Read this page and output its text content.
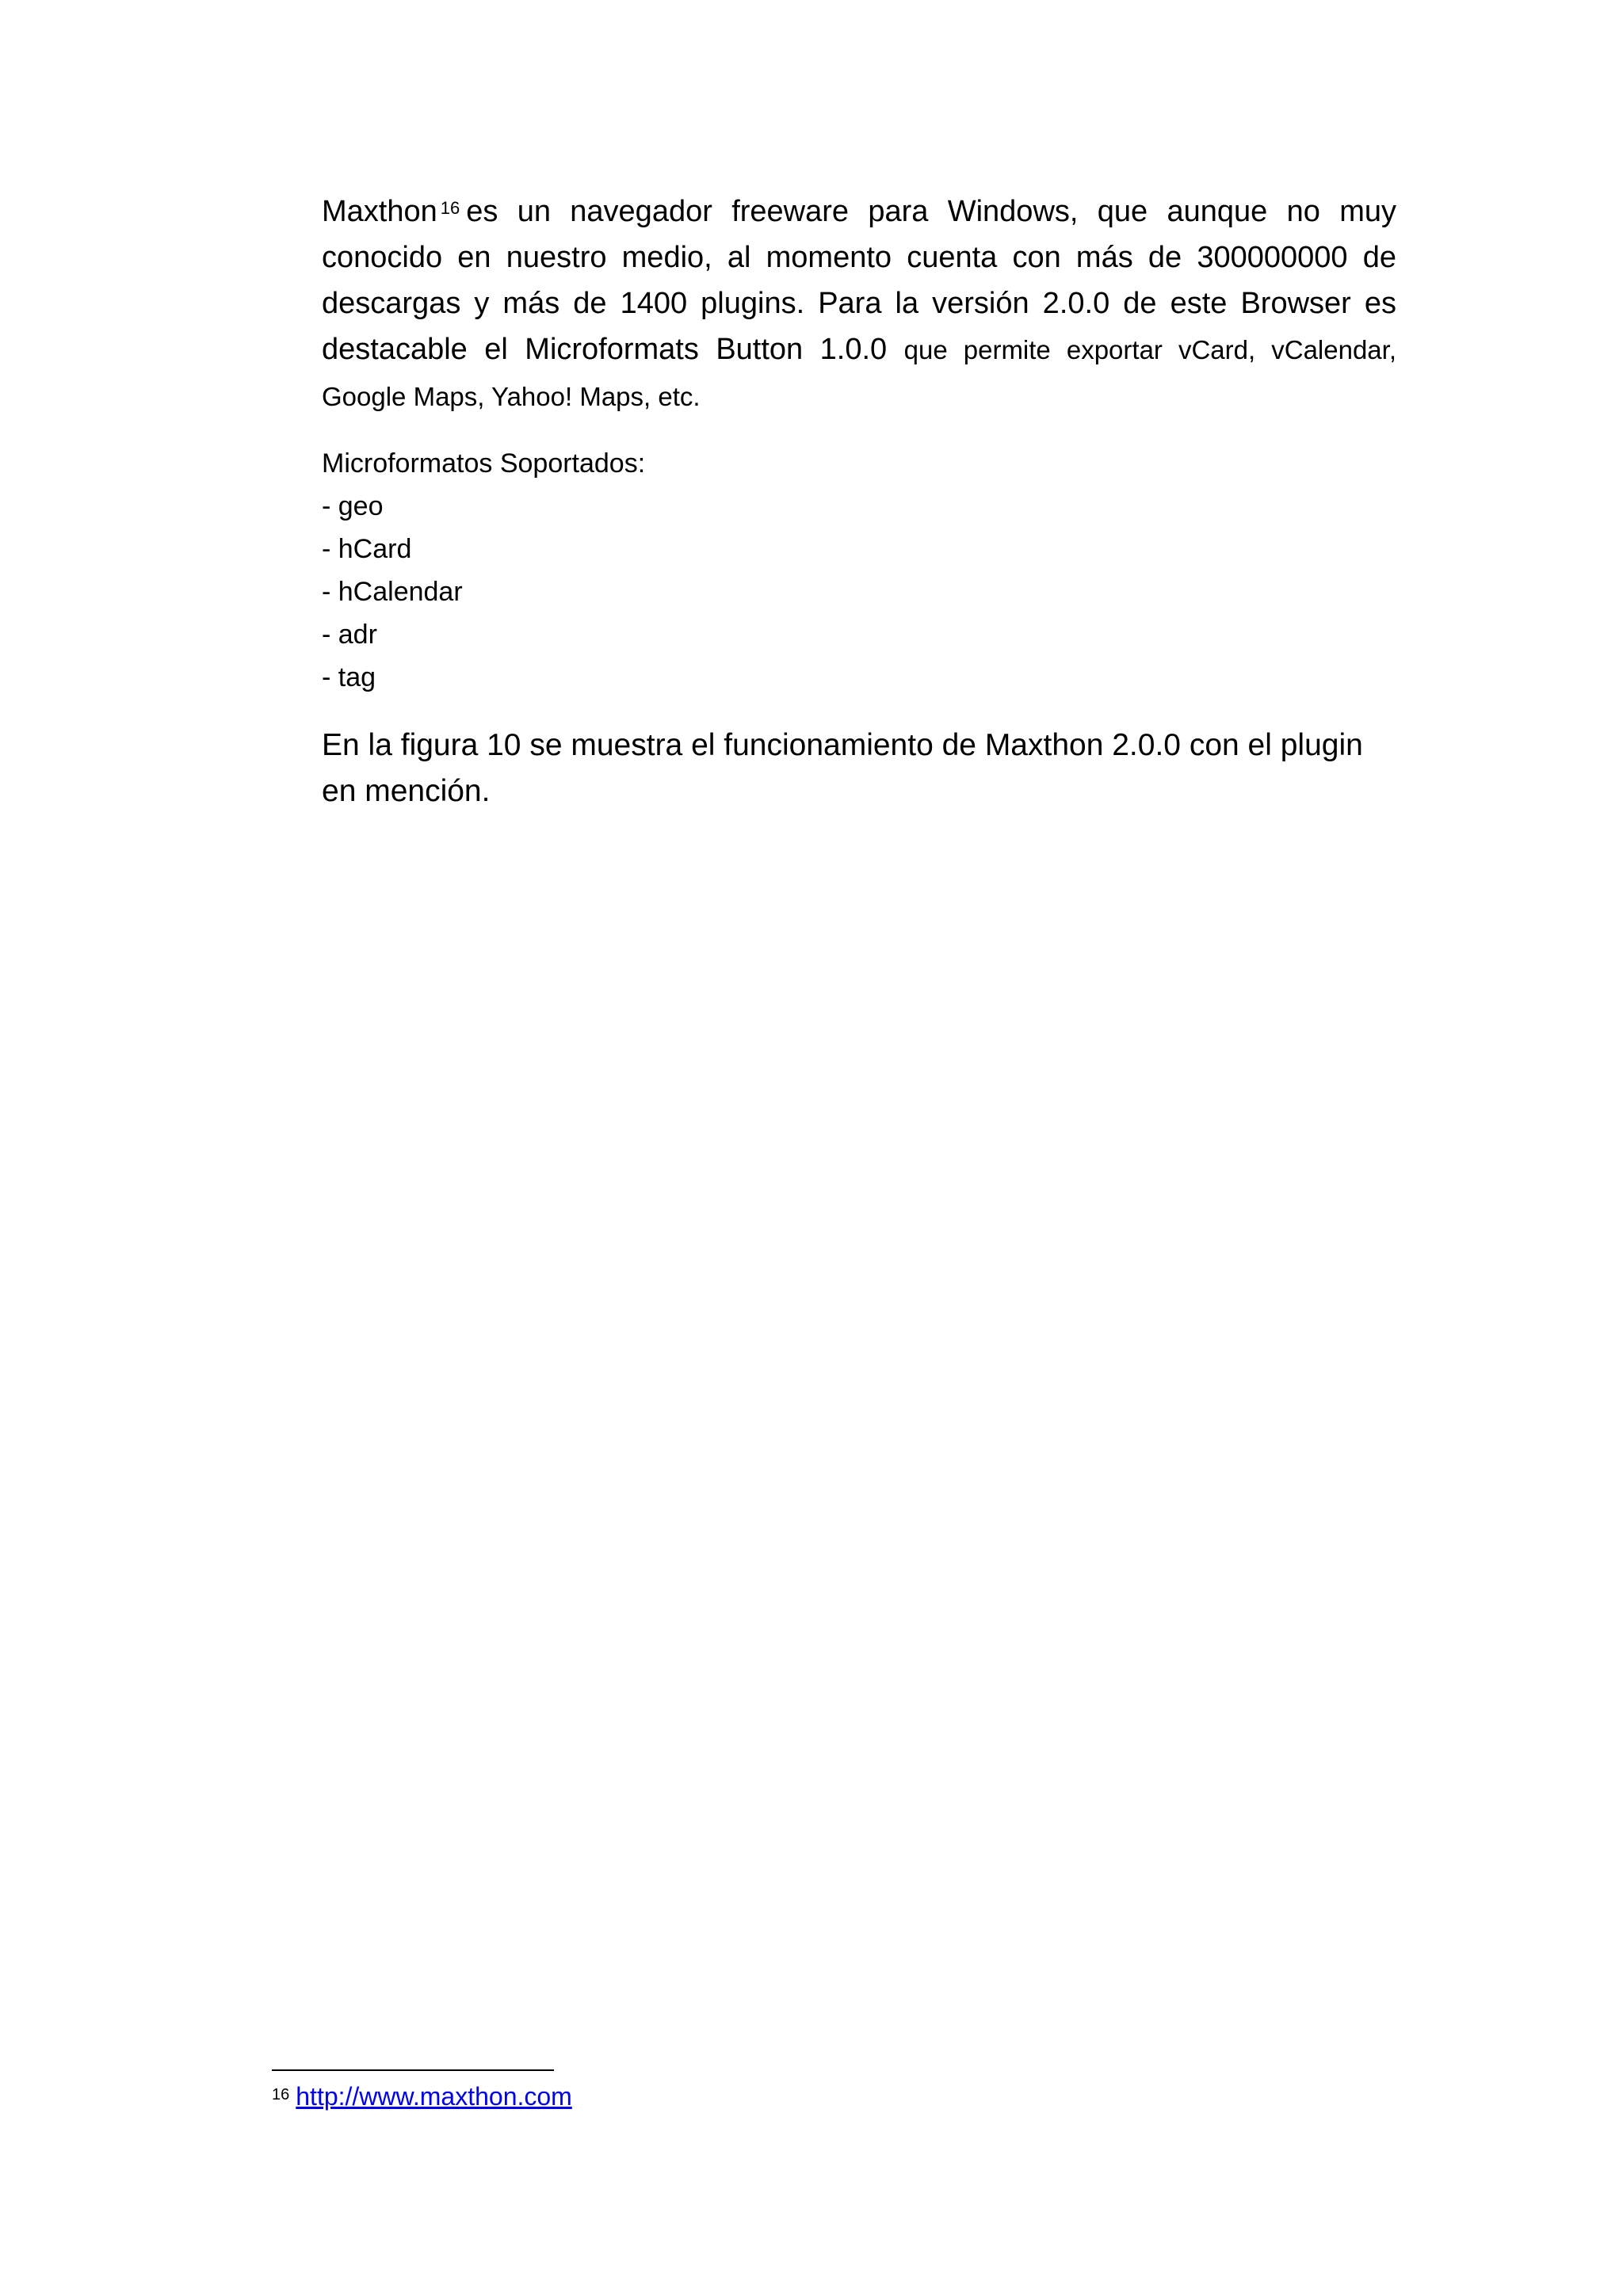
Maxthon $^{16}$ es un navegador freeware para Windows, que aunque no muy conocido en nuestro medio, al momento cuenta con más de 300000000 de descargas y más de 1400 plugins. Para la versión 2.0.0 de este Browser es destacable el Microformats Button 1.0.0 que permite exportar vCard, vCalendar, Google Maps, Yahoo! Maps, etc.

Microformatos Soportados:
- geo
- hCard
- hCalendar
- adr
- tag

En la figura 10 se muestra el funcionamiento de Maxthon 2.0.0 con el plugin en mención.

$^{16}$ http://www.maxthon.com
